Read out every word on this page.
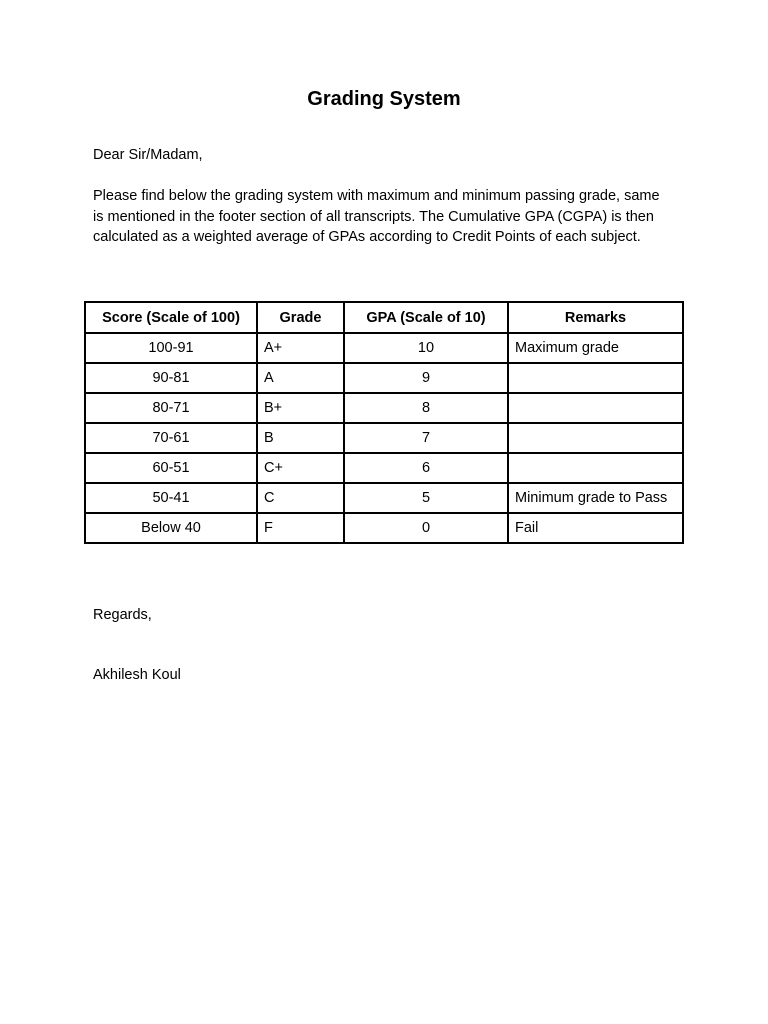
Grading System

Dear Sir/Madam,

Please find below the grading system with maximum and minimum passing grade, same is mentioned in the footer section of all transcripts. The Cumulative GPA (CGPA) is then calculated as a weighted average of GPAs according to Credit Points of each subject.

Score (Scale of 100)	Grade	GPA (Scale of 10)	Remarks
100-91	A+	10	Maximum grade
90-81	A	9	
80-71	B+	8	
70-61	B	7	
60-51	C+	6	
50-41	C	5	Minimum grade to Pass
Below 40	F	0	Fail

Regards,

Akhilesh Koul
